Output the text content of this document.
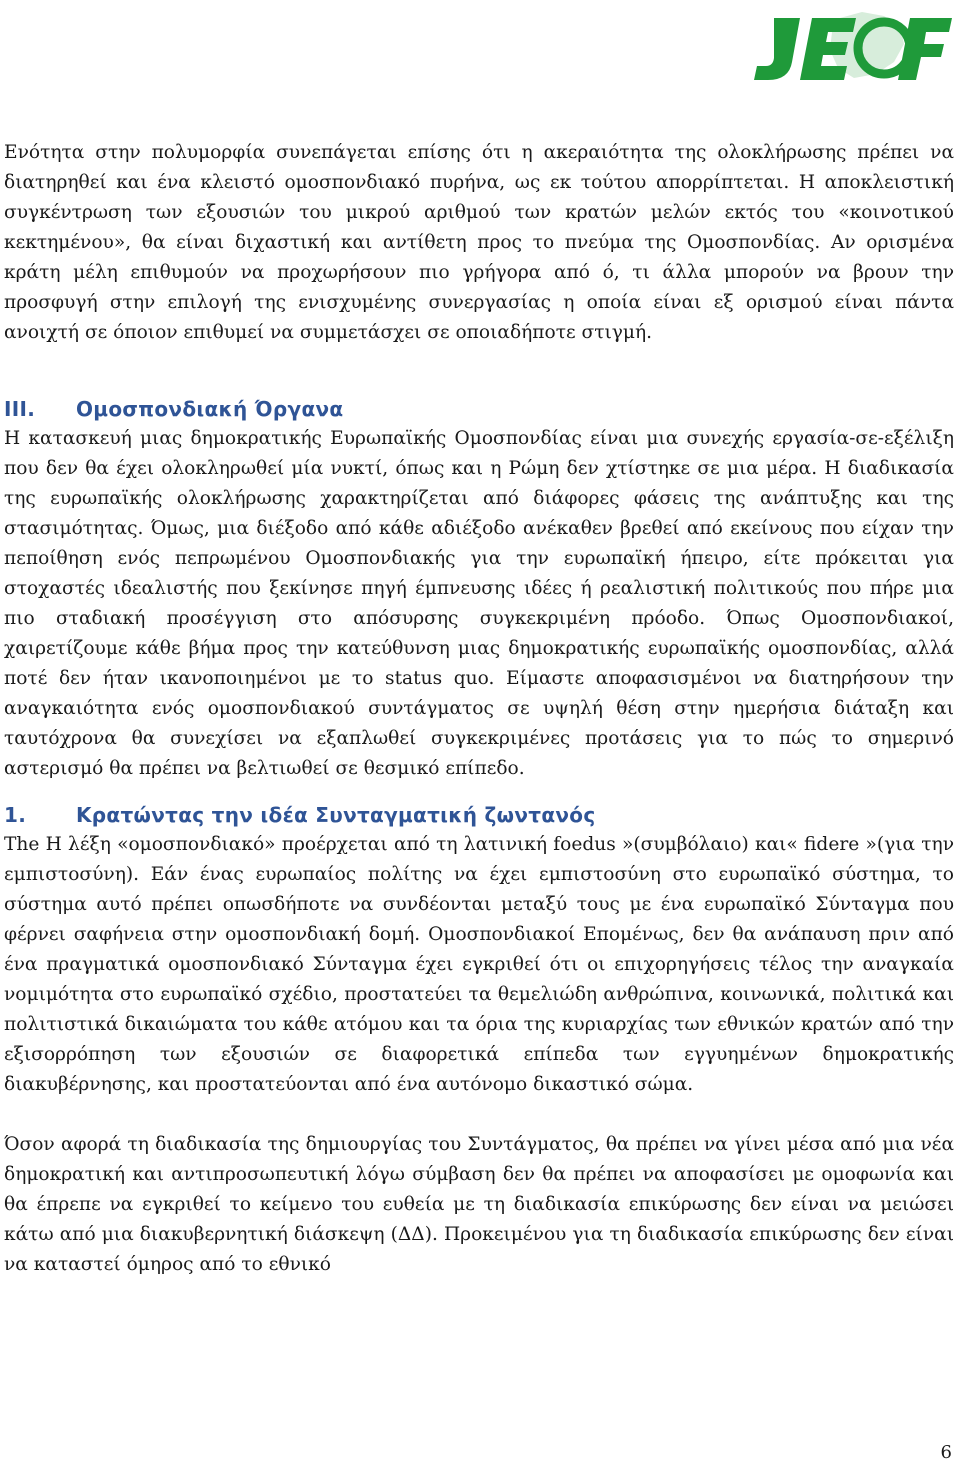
Ενότητα στην πολυμορφία συνεπάγεται επίσης ότι η ακεραιότητα της ολοκλήρωσης πρέπει να διατηρηθεί και ένα κλειστό ομοσπονδιακό πυρήνα, ως εκ τούτου απορρίπτεται. Η αποκλειστική συγκέντρωση των εξουσιών του μικρού αριθμού των κρατών μελών εκτός του «κοινοτικού κεκτημένου», θα είναι διχαστική και αντίθετη προς το πνεύμα της Ομοσπονδίας. Αν ορισμένα κράτη μέλη επιθυμούν να προχωρήσουν πιο γρήγορα από ό, τι άλλα μπορούν να βρουν την προσφυγή στην επιλογή της ενισχυμένης συνεργασίας η οποία είναι εξ ορισμού είναι πάντα ανοιχτή σε όποιον επιθυμεί να συμμετάσχει σε οποιαδήποτε στιγμή.

III. Ομοσπονδιακή Όργανα

Η κατασκευή μιας δημοκρατικής Ευρωπαϊκής Ομοσπονδίας είναι μια συνεχής εργασία-σε-εξέλιξη που δεν θα έχει ολοκληρωθεί μία νυκτί, όπως και η Ρώμη δεν χτίστηκε σε μια μέρα. Η διαδικασία της ευρωπαϊκής ολοκλήρωσης χαρακτηρίζεται από διάφορες φάσεις της ανάπτυξης και της στασιμότητας. Όμως, μια διέξοδο από κάθε αδιέξοδο ανέκαθεν βρεθεί από εκείνους που είχαν την πεποίθηση ενός πεπρωμένου Ομοσπονδιακής για την ευρωπαϊκή ήπειρο, είτε πρόκειται για στοχαστές ιδεαλιστής που ξεκίνησε πηγή έμπνευσης ιδέες ή ρεαλιστική πολιτικούς που πήρε μια πιο σταδιακή προσέγγιση στο απόσυρσης συγκεκριμένη πρόοδο. Όπως Ομοσπονδιακοί, χαιρετίζουμε κάθε βήμα προς την κατεύθυνση μιας δημοκρατικής ευρωπαϊκής ομοσπονδίας, αλλά ποτέ δεν ήταν ικανοποιημένοι με το status quo. Είμαστε αποφασισμένοι να διατηρήσουν την αναγκαιότητα ενός ομοσπονδιακού συντάγματος σε υψηλή θέση στην ημερήσια διάταξη και ταυτόχρονα θα συνεχίσει να εξαπλωθεί συγκεκριμένες προτάσεις για το πώς το σημερινό αστερισμό θα πρέπει να βελτιωθεί σε θεσμικό επίπεδο.

1. Κρατώντας την ιδέα Συνταγματική ζωντανός

The Η λέξη «ομοσπονδιακό» προέρχεται από τη λατινική foedus »(συμβόλαιο) και« fidere »(για την εμπιστοσύνη). Εάν ένας ευρωπαίος πολίτης να έχει εμπιστοσύνη στο ευρωπαϊκό σύστημα, το σύστημα αυτό πρέπει οπωσδήποτε να συνδέονται μεταξύ τους με ένα ευρωπαϊκό Σύνταγμα που φέρνει σαφήνεια στην ομοσπονδιακή δομή. Ομοσπονδιακοί Επομένως, δεν θα ανάπαυση πριν από ένα πραγματικά ομοσπονδιακό Σύνταγμα έχει εγκριθεί ότι οι επιχορηγήσεις τέλος την αναγκαία νομιμότητα στο ευρωπαϊκό σχέδιο, προστατεύει τα θεμελιώδη ανθρώπινα, κοινωνικά, πολιτικά και πολιτιστικά δικαιώματα του κάθε ατόμου και τα όρια της κυριαρχίας των εθνικών κρατών από την εξισορρόπηση των εξουσιών σε διαφορετικά επίπεδα των εγγυημένων δημοκρατικής διακυβέρνησης, και προστατεύονται από ένα αυτόνομο δικαστικό σώμα.

Όσον αφορά τη διαδικασία της δημιουργίας του Συντάγματος, θα πρέπει να γίνει μέσα από μια νέα δημοκρατική και αντιπροσωπευτική λόγω σύμβαση δεν θα πρέπει να αποφασίσει με ομοφωνία και θα έπρεπε να εγκριθεί το κείμενο του ευθεία με τη διαδικασία επικύρωσης δεν είναι να μειώσει κάτω από μια διακυβερνητική διάσκεψη (ΔΔ). Προκειμένου για τη διαδικασία επικύρωσης δεν είναι να καταστεί όμηρος από το εθνικό

6
